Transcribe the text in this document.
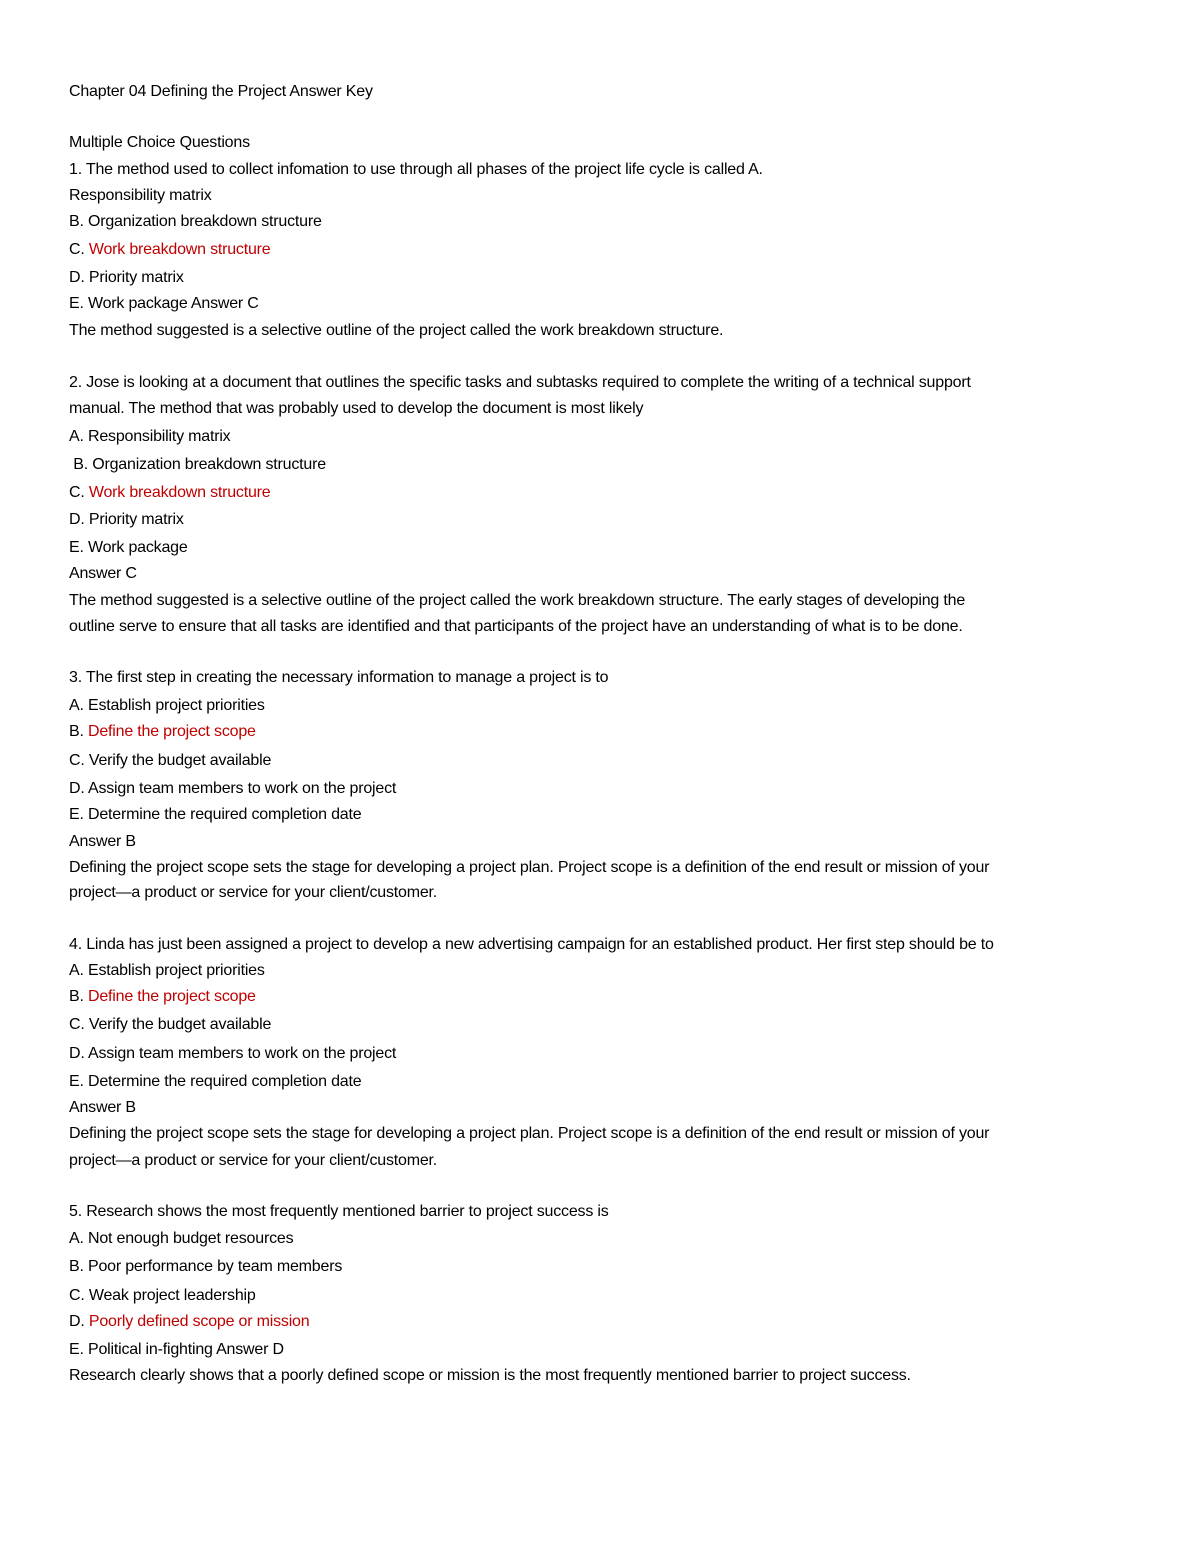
Chapter 04 Defining the Project Answer Key
Multiple Choice Questions
1. The method used to collect infomation to use through all phases of the project life cycle is called A.
Responsibility matrix
B. Organization breakdown structure
C. Work breakdown structure
D. Priority matrix
E. Work package Answer C
The method suggested is a selective outline of the project called the work breakdown structure.
2. Jose is looking at a document that outlines the specific tasks and subtasks required to complete the writing of a technical support
manual. The method that was probably used to develop the document is most likely
A. Responsibility matrix
B. Organization breakdown structure
C. Work breakdown structure
D. Priority matrix
E. Work package
Answer C
The method suggested is a selective outline of the project called the work breakdown structure. The early stages of developing the
outline serve to ensure that all tasks are identified and that participants of the project have an understanding of what is to be done.
3. The first step in creating the necessary information to manage a project is to
A. Establish project priorities
B. Define the project scope
C. Verify the budget available
D. Assign team members to work on the project
E. Determine the required completion date
Answer B
Defining the project scope sets the stage for developing a project plan. Project scope is a definition of the end result or mission of your
project—a product or service for your client/customer.
4. Linda has just been assigned a project to develop a new advertising campaign for an established product. Her first step should be to
A. Establish project priorities
B. Define the project scope
C. Verify the budget available
D. Assign team members to work on the project
E. Determine the required completion date
Answer B
Defining the project scope sets the stage for developing a project plan. Project scope is a definition of the end result or mission of your
project—a product or service for your client/customer.
5. Research shows the most frequently mentioned barrier to project success is
A. Not enough budget resources
B. Poor performance by team members
C. Weak project leadership
D. Poorly defined scope or mission
E. Political in-fighting Answer D
Research clearly shows that a poorly defined scope or mission is the most frequently mentioned barrier to project success.
